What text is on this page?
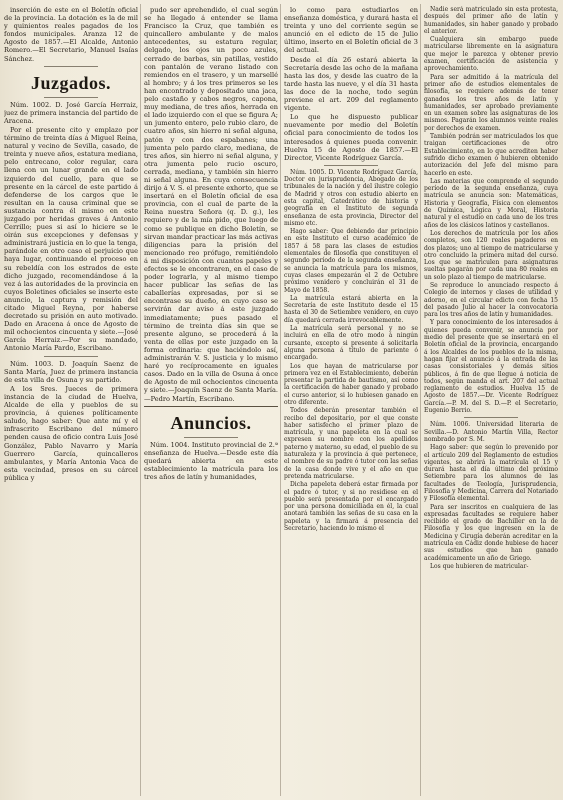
inserción de este en el Boletín oficial de la provincia. La dotación es la de mil y quinientos reales pagados de los fondos municipales. Aranza 12 de Agosto de 1857.—El Alcalde, Antonio Romero.—El Secretario, Manuel Isaías Sánchez.

Juzgados.

Núm. 1002. D. José García Herraiz, juez de primera instancia del partido de Aracena.

Por el presente cito y emplazo por término de treinta días á Miguel Reina, natural y vecino de Sevilla, casado, de treinta y nueve años, estatura mediana, pelo entrecano, color regular, cara llena con un lunar grande en el lado izquierdo del cuello, para que se presente en la cárcel de este partido á defenderse de los cargos que le resultan en la causa criminal que se sustancia contra él mismo en este juzgado por heridas graves á Antonio Cerrillo; pues si así lo hiciere se le oirán sus excepciones y defensas y administrará justicia en lo que la tenga, parándole en otro caso el perjuicio que haya lugar, continuando el proceso en su rebeldía con los estrados de este dicho juzgado, recomendándose á la vez á las autoridades de la provincia en cuyos Boletines oficiales se inserte este anuncio, la captura y remisión del citado Miguel Reyna, por haberse decretado su prisión en auto motivado. Dado en Aracena á once de Agosto de mil ochocientos cincuenta y siete.—José García Herraiz.—Por su mandado, Antonio María Pardo, Escribano.

Núm. 1003. D. Joaquín Saenz de Santa María, Juez de primera instancia de esta villa de Osuna y su partido.

A los Sres. Jueces de primera instancia de la ciudad de Huelva, Alcalde de ella y pueblos de su provincia, á quienes políticamente saludo, hago saber: Que ante mí y el infrascrito Escribano del número penden causa de oficio contra Luis José González, Pablo Navarro y María Guerrero García, quincalleros ambulantes, y María Antonia Vaca de esta vecindad, presos en su cárcel pública y

pudo ser aprehendido, el cual según se ha llegado á entender se llama Francisco la Cruz, que también es quincallero ambulante y de malos antecedentes, su estatura regular, delgado, los ojos un poco azules, cerrado de barbas, sin patillas, vestido con pantalón de verano listado con remiendos en el trasero, y un marsellé al hombro; y á los tres primeros se les han encontrado y depositado una jaca, pelo castaño y cabos negros, capona, muy mediana, de tres años, herrada en el lado izquierdo con el que se figura A; un jumento entero, pelo rubio claro, de cuatro años, sin hierro ni señal alguna, patón y con dos espabanes; una jumenta pelo pardo claro, mediana, de tres años, sin hierro ni señal alguna, y otra jumenta pelo rucio oscuro, cerrada, mediana, y también sin hierro ni señal alguna. En cuya consecuencia dirijo á V. S. el presente exhorto, que se insertará en el Boletín oficial de esa provincia, con el cual de parte de la Reina nuestra Señora (q. D. g.), les requiero y de la mía pido, que luego de como se publique en dicho Boletín, se sirvan mandar practicar las más activas diligencias para la prisión del mencionado reo prófugo, remitiéndolo á mi disposición con cuantos papeles y efectos se le encontraren, en el caso de poder lograrla, y al mismo tiempo hacer publicar las señas de las caballerías expresadas, por si se encontrase su dueño, en cuyo caso se servirán dar aviso á este juzgado inmediatamente; pues pasado el término de treinta días sin que se presente alguno, se procederá á la venta de ellas por este juzgado en la forma ordinaria: que haciéndolo así, administrarán V. S. justicia y lo mismo haré yo recíprocamente en iguales casos. Dado en la villa de Osuna á once de Agosto de mil ochocientos cincuenta y siete.—Joaquín Saenz de Santa María.—Pedro Martín, Escribano.

Anuncios.

Núm. 1004. Instituto provincial de 2.ª enseñanza de Huelva.—Desde este día quedará abierta en este establecimiento la matrícula para los tres años de latín y humanidades,

lo como para estudiarlos en enseñanza doméstica, y durará hasta el treinta y uno del corriente según se anunció en el edicto de 15 de Julio último, inserto en el Boletín oficial de 3 del actual.

Desde el día 26 estará abierta la Secretaría desde las ocho de la mañana hasta las dos, y desde las cuatro de la tarde hasta las nueve, y el día 31 hasta las doce de la noche, todo según previene el art. 209 del reglamento vigente.

Lo que he dispuesto publicar nuevamente por medio del Boletín oficial para conocimiento de todos los interesados á quienes pueda convenir. Huelva 15 de Agosto de 1857.—El Director, Vicente Rodríguez García.

Núm. 1005. D. Vicente Rodríguez García, Doctor en jurisprudencia, Abogado de los tribunales de la nación y del ilustre colegio de Madrid y otros con estudio abierto en esta capital, Catedrático de historia y geografía en el Instituto de segunda enseñanza de esta provincia, Director del mismo etc.

Hago saber: Que debiendo dar principio en este Instituto el curso académico de 1857 á 58 para las clases de estudios elementales de filosofía que constituyen el segundo período de la segunda enseñanza, se anuncia la matrícula para los mismos, cuyas clases empezarán el 2 de Octubre próximo venidero y concluirán el 31 de Mayo de 1858.

La matrícula estará abierta en la Secretaría de este Instituto desde el 15 hasta el 30 de Setiembre venidero, en cuyo día quedará cerrada irrevocablemente.

La matrícula será personal y no se incluirá en ella de otro modo á ningún cursante, excepto si presente á solicitarla alguna persona á título de pariente ó encargado.

Los que hayan de matricularse por primera vez en el Establecimiento, deberán presentar la partida de bautismo, así como la certificación de haber ganado y probado el curso anterior, si lo hubiesen ganado en otro diferente.

Todos deberán presentar también el recibo del depositario, por el que conste haber satisfecho el primer plazo de matrícula, y una papeleta en la cual se expresen su nombre con los apellidos paterno y materno, su edad, el pueblo de su naturaleza y la provincia á que pertenece, el nombre de su padre ó tutor con las señas de la casa donde vive y el año en que pretenda matricularse.

Dicha papeleta deberá estar firmada por el padre ó tutor, y si no residiese en el pueblo será presentada por el encargado por una persona domiciliada en él, la cual anotará también las señas de su casa en la papeleta y la firmará á presencia del Secretario, haciendo lo mismo el

Nadie será matriculado sin esta protesta, después del primer año de latín y humanidades, sin haber ganado y probado el anterior.

Cualquiera sin embargo puede matricularse libremente en la asignatura que mejor le parezca y obtener previo examen, certificación de asistencia y aprovechamiento.

Para ser admitido á la matrícula del primer año de estudios elementales de filosofía, se requiere además de tener ganados los tres años de latín y humanidades, ser aprobado previamente en un examen sobre las asignaturas de los mismos. Pagarán los alumnos veinte reales por derechos de examen.

También podrán ser matriculados los que traigan certificaciones de otro Establecimiento, en lo que acrediten haber sufrido dicho examen ó hubieren obtenido autorización del Jefe del mismo para hacerlo en este.

Las materias que comprende el segundo período de la segunda enseñanza, cuya matrícula se anuncia son: Matemáticas, Historia y Geografía, Física con elementos de Química, Lógica y Moral, Historia natural y el estudio en cada uno de los tres años de los clásicos latinos y castellanos.

Los derechos de matrícula por los años completos, son 120 reales pagaderos en dos plazos; uno al tiempo de matricularse y otro concluido la primera mitad del curso. Los que se matriculen para asignaturas sueltas pagarán por cada una 80 reales en un solo plazo al tiempo de matricularse.

Se reproduce lo anunciado respecto á Colegio de internos y clases de utilidad y adorno, en el circular edicto con fecha 15 del pasado Julio al hacer la convocatoria para los tres años de latín y humanidades.

Y para conocimiento de los interesados á quienes pueda convenir, se anuncia por medio del presente que se insertará en el Boletín oficial de la provincia, encargando á los Alcaldes de los pueblos de la misma, hagan fijar el anuncio á la entrada de las casas consistoriales y demás sitios públicos, á fin de que llegue á noticia de todos, según manda el art. 207 del actual reglamento de estudios. Huelva 15 de Agosto de 1857.—Dr. Vicente Rodríguez García.—P. M. del S. D.—P. el Secretario, Eugenio Berrio.

Núm. 1006. Universidad literaria de Sevilla.—D. Antonio Martín Villa, Rector nombrado por S. M.

Hago saber: que según lo prevenido por el artículo 209 del Reglamento de estudios vigentes, se abrirá la matrícula el 15 y durará hasta el día último del próximo Setiembre para los alumnos de las facultades de Teología, Jurisprudencia, Filosofía y Medicina, Carrera del Notariado y Filosofía elemental.

Para ser inscritos en cualquiera de las expresadas facultades se requiere haber recibido el grado de Bachiller en la de Filosofía y los que ingresen en la de Medicina y Cirugía deberán acreditar en la matrícula en Cádiz donde hubiese de hacer sus estudios que han ganado académicamente un año de Griego.

Los que hubieren de matricular-
